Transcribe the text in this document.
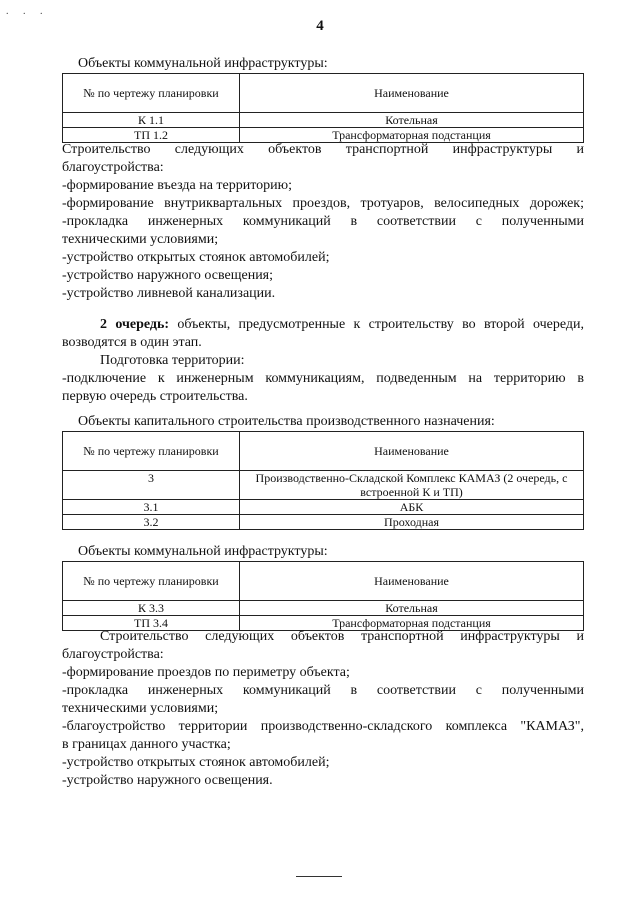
. . .
4
Объекты коммунальной инфраструктуры:
№ по чертежу планировки	Наименование
К 1.1	Котельная
ТП 1.2	Трансформаторная подстанция

Строительство следующих объектов транспортной инфраструктуры и

благоустройства:

-формирование въезда на территорию;

-формирование внутриквартальных проездов, тротуаров, велосипедных дорожек;

-прокладка инженерных коммуникаций в соответствии с полученными

техническими условиями;

-устройство открытых стоянок автомобилей;

-устройство наружного освещения;

-устройство ливневой канализации.

2 очередь: объекты, предусмотренные к строительству во второй очереди,

возводятся в один этап.

Подготовка территории:

-подключение к инженерным коммуникациям, подведенным на территорию в

первую очередь строительства.

Объекты капитального строительства производственного назначения:
№ по чертежу планировки	Наименование
3	Производственно-Складской Комплекс КАМАЗ (2 очередь, с встроенной К и ТП)
3.1	АБК
3.2	Проходная
Объекты коммунальной инфраструктуры:
№ по чертежу планировки	Наименование
К 3.3	Котельная
ТП 3.4	Трансформаторная подстанция

Строительство следующих объектов транспортной инфраструктуры и

благоустройства:

-формирование проездов по периметру объекта;

-прокладка инженерных коммуникаций в соответствии с полученными

техническими условиями;

-благоустройство территории производственно-складского комплекса "КАМАЗ",

в границах данного участка;

-устройство открытых стоянок автомобилей;

-устройство наружного освещения.
